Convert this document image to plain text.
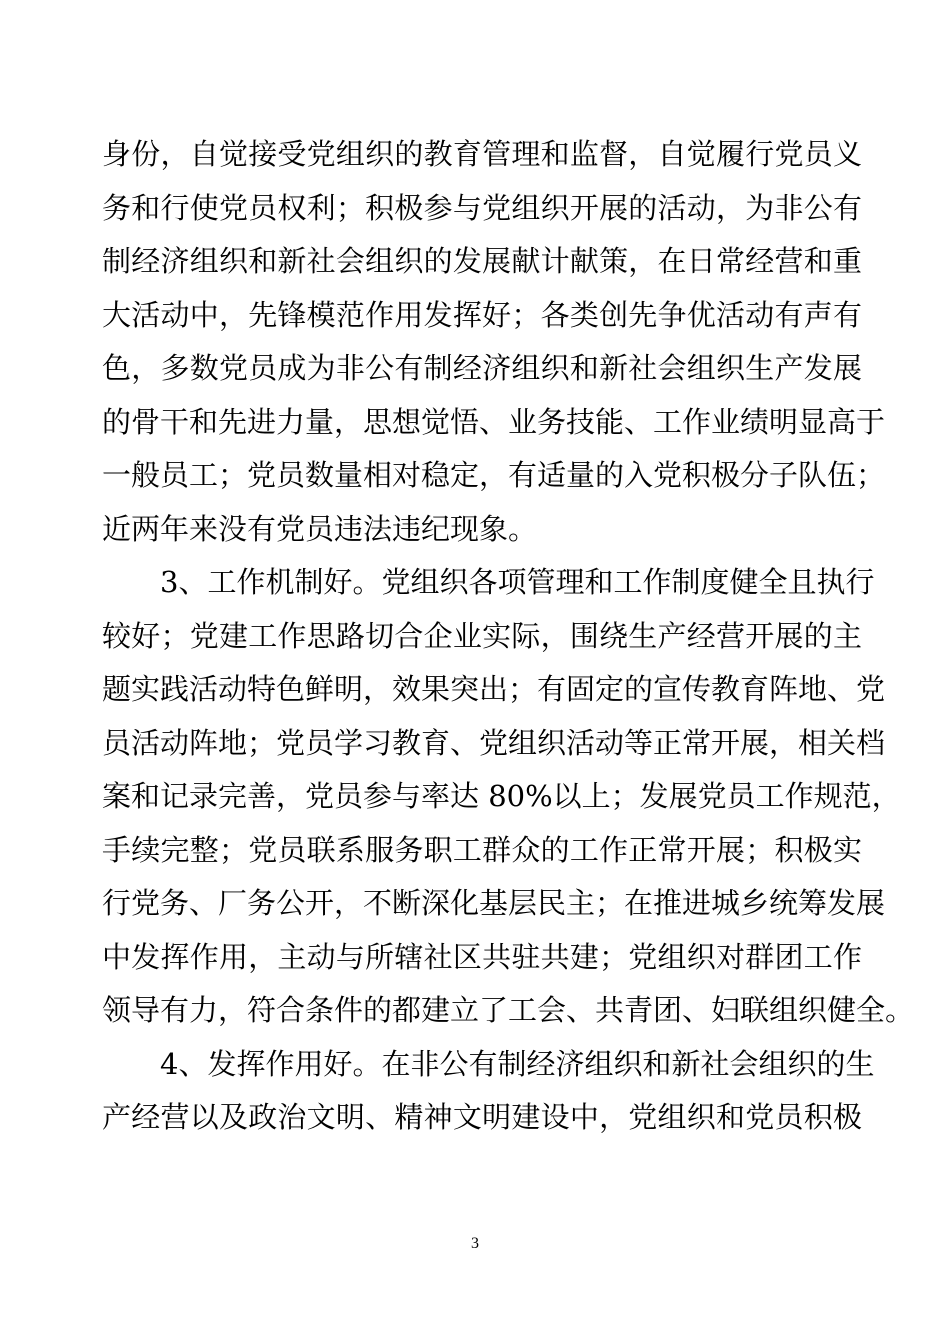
身份，自觉接受党组织的教育管理和监督，自觉履行党员义
务和行使党员权利；积极参与党组织开展的活动，为非公有
制经济组织和新社会组织的发展献计献策，在日常经营和重
大活动中，先锋模范作用发挥好；各类创先争优活动有声有
色，多数党员成为非公有制经济组织和新社会组织生产发展
的骨干和先进力量，思想觉悟、业务技能、工作业绩明显高于
一般员工；党员数量相对稳定，有适量的入党积极分子队伍；
近两年来没有党员违法违纪现象。
3、工作机制好。党组织各项管理和工作制度健全且执行
较好；党建工作思路切合企业实际，围绕生产经营开展的主
题实践活动特色鲜明，效果突出；有固定的宣传教育阵地、党
员活动阵地；党员学习教育、党组织活动等正常开展，相关档
案和记录完善，党员参与率达 80%以上；发展党员工作规范，
手续完整；党员联系服务职工群众的工作正常开展；积极实
行党务、厂务公开，不断深化基层民主；在推进城乡统筹发展
中发挥作用，主动与所辖社区共驻共建；党组织对群团工作
领导有力，符合条件的都建立了工会、共青团、妇联组织健全。
4、发挥作用好。在非公有制经济组织和新社会组织的生
产经营以及政治文明、精神文明建设中，党组织和党员积极
3
